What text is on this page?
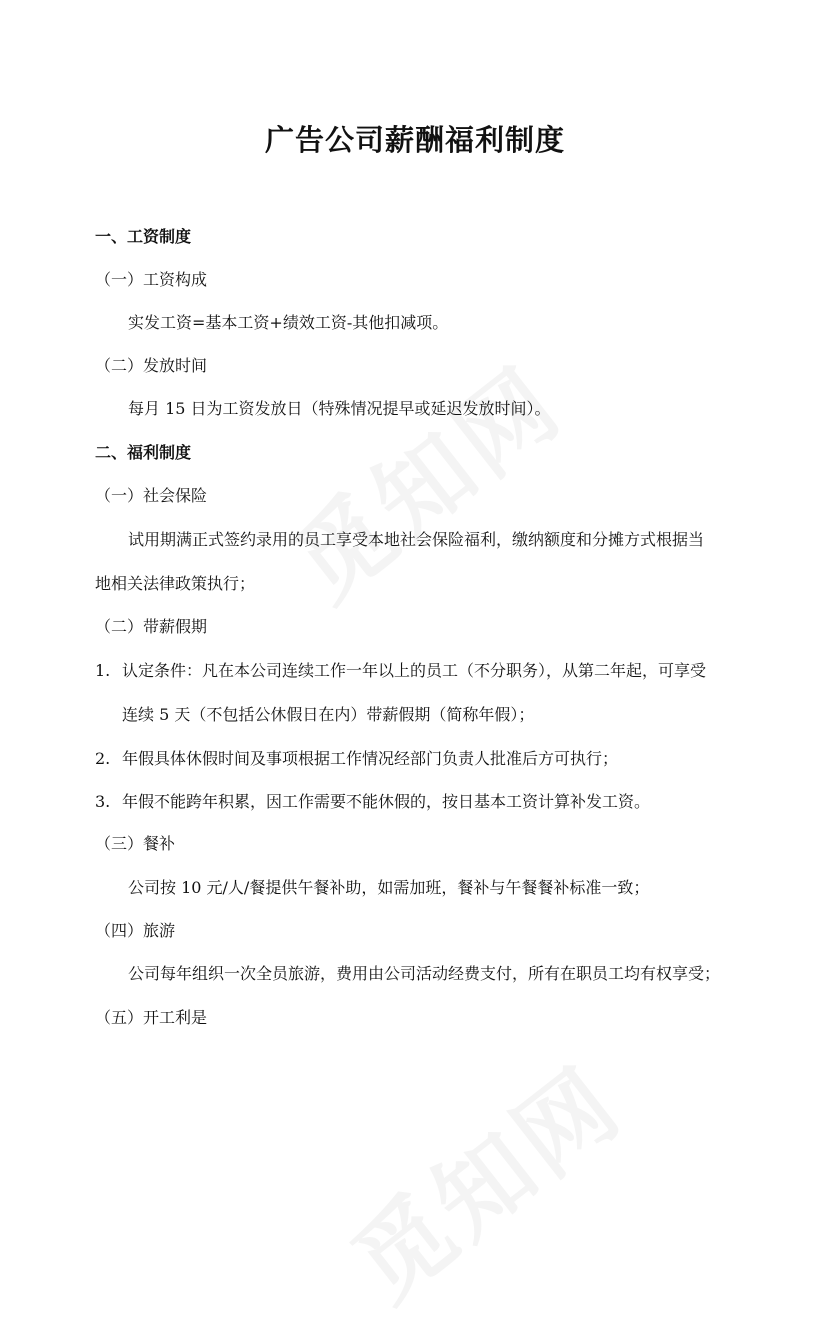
广告公司薪酬福利制度
一、工资制度
（一）工资构成
实发工资=基本工资+绩效工资-其他扣减项。
（二）发放时间
每月 15 日为工资发放日（特殊情况提早或延迟发放时间）。
二、福利制度
（一）社会保险
试用期满正式签约录用的员工享受本地社会保险福利，缴纳额度和分摊方式根据当
地相关法律政策执行；
（二）带薪假期
1. 认定条件：凡在本公司连续工作一年以上的员工（不分职务），从第二年起，可享受
连续 5 天（不包括公休假日在内）带薪假期（简称年假）；
2. 年假具体休假时间及事项根据工作情况经部门负责人批准后方可执行；
3. 年假不能跨年积累，因工作需要不能休假的，按日基本工资计算补发工资。
（三）餐补
公司按 10 元/人/餐提供午餐补助，如需加班，餐补与午餐餐补标准一致；
（四）旅游
公司每年组织一次全员旅游，费用由公司活动经费支付，所有在职员工均有权享受；
（五）开工利是
